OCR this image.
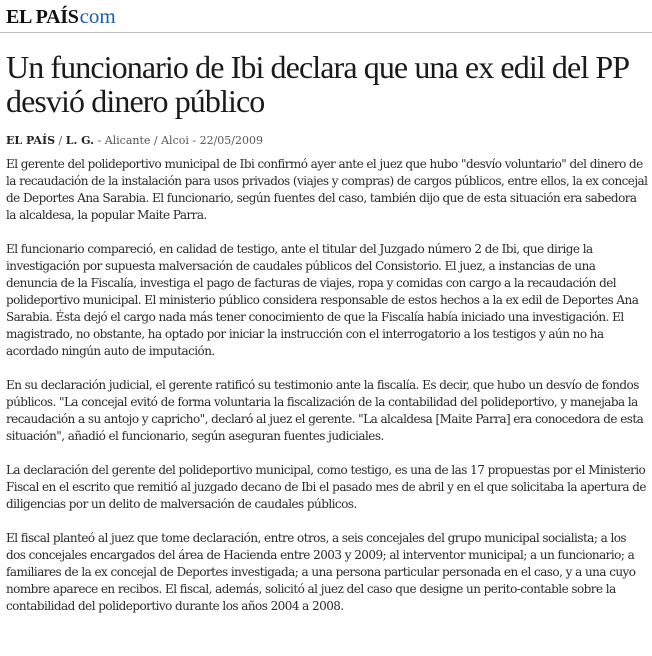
EL PAÍS com
Un funcionario de Ibi declara que una ex edil del PP desvió dinero público
EL PAÍS / L. G. - Alicante / Alcoi - 22/05/2009

El gerente del polideportivo municipal de Ibi confirmó ayer ante el juez que hubo "desvío voluntario" del dinero de la recaudación de la instalación para usos privados (viajes y compras) de cargos públicos, entre ellos, la ex concejal de Deportes Ana Sarabia. El funcionario, según fuentes del caso, también dijo que de esta situación era sabedora la alcaldesa, la popular Maite Parra.

El funcionario compareció, en calidad de testigo, ante el titular del Juzgado número 2 de Ibi, que dirige la investigación por supuesta malversación de caudales públicos del Consistorio. El juez, a instancias de una denuncia de la Fiscalía, investiga el pago de facturas de viajes, ropa y comidas con cargo a la recaudación del polideportivo municipal. El ministerio público considera responsable de estos hechos a la ex edil de Deportes Ana Sarabia. Ésta dejó el cargo nada más tener conocimiento de que la Fiscalía había iniciado una investigación. El magistrado, no obstante, ha optado por iniciar la instrucción con el interrogatorio a los testigos y aún no ha acordado ningún auto de imputación.

En su declaración judicial, el gerente ratificó su testimonio ante la fiscalía. Es decir, que hubo un desvío de fondos públicos. "La concejal evitó de forma voluntaria la fiscalización de la contabilidad del polideportivo, y manejaba la recaudación a su antojo y capricho", declaró al juez el gerente. "La alcaldesa [Maite Parra] era conocedora de esta situación", añadió el funcionario, según aseguran fuentes judiciales.

La declaración del gerente del polideportivo municipal, como testigo, es una de las 17 propuestas por el Ministerio Fiscal en el escrito que remitió al juzgado decano de Ibi el pasado mes de abril y en el que solicitaba la apertura de diligencias por un delito de malversación de caudales públicos.

El fiscal planteó al juez que tome declaración, entre otros, a seis concejales del grupo municipal socialista; a los dos concejales encargados del área de Hacienda entre 2003 y 2009; al interventor municipal; a un funcionario; a familiares de la ex concejal de Deportes investigada; a una persona particular personada en el caso, y a una cuyo nombre aparece en recibos. El fiscal, además, solicitó al juez del caso que designe un perito-contable sobre la contabilidad del polideportivo durante los años 2004 a 2008.
